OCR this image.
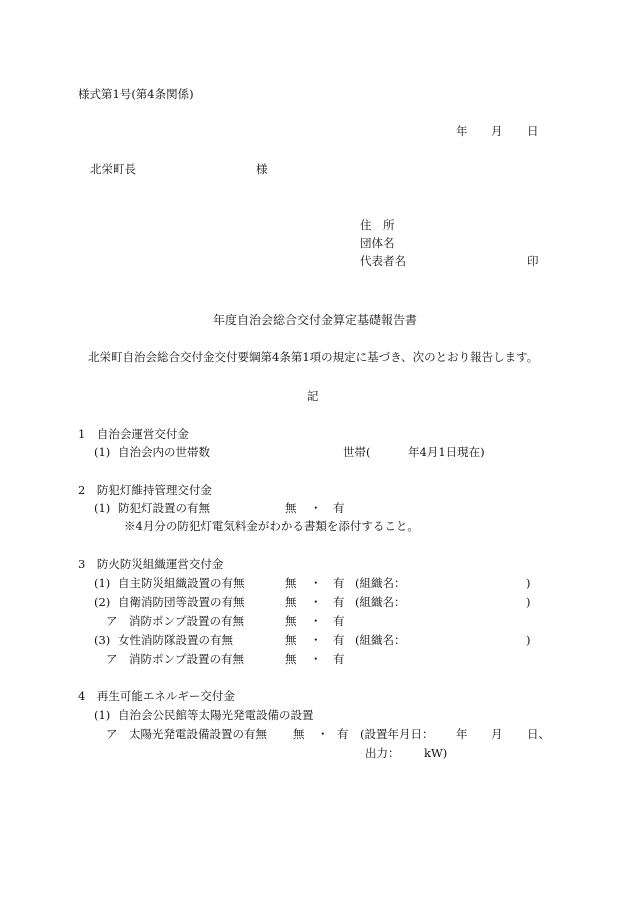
様式第1号(第4条関係)
年 月 日
北栄町長	様
住　所
団体名
代表者名	印
年度自治会総合交付金算定基礎報告書
北栄町自治会総合交付金交付要綱第4条第1項の規定に基づき、次のとおり報告します。
記
1　自治会運営交付金
(1) 自治会内の世帯数	世帯(	年4月1日現在)
2　防犯灯維持管理交付金
(1) 防犯灯設置の有無	無 ・ 有
※4月分の防犯灯電気料金がわかる書類を添付すること。
3　防火防災組織運営交付金
(1) 自主防災組織設置の有無	無 ・ 有 (組織名：	)
(2) 自衛消防団等設置の有無	無 ・ 有 (組織名：	)
ア　消防ポンプ設置の有無	無 ・ 有
(3) 女性消防隊設置の有無	無 ・ 有 (組織名：	)
ア　消防ポンプ設置の有無	無 ・ 有
4　再生可能エネルギー交付金
(1) 自治会公民館等太陽光発電設備の設置
ア　太陽光発電設備設置の有無 無 ・ 有 (設置年月日： 年 月 日、
出力： kW)
